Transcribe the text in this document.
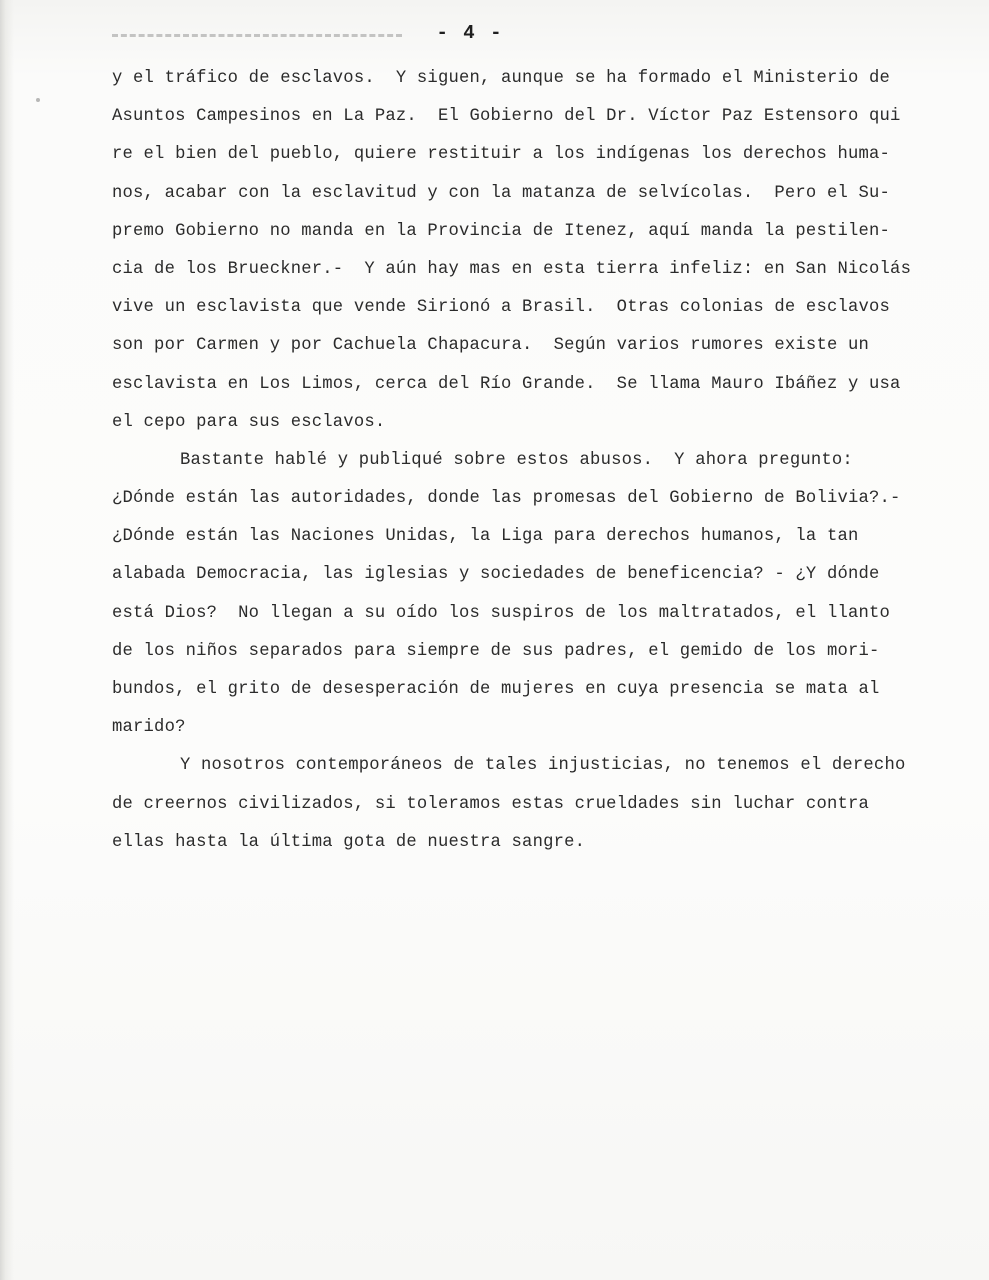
- 4 -
y el tráfico de esclavos.  Y siguen, aunque se ha formado el Ministerio de
Asuntos Campesinos en La Paz.  El Gobierno del Dr. Víctor Paz Estensoro qui
re el bien del pueblo, quiere restituir a los indígenas los derechos huma-
nos, acabar con la esclavitud y con la matanza de selvícolas.  Pero el Su-
premo Gobierno no manda en la Provincia de Itenez, aquí manda la pestilen-
cia de los Brueckner.-  Y aún hay mas en esta tierra infeliz: en San Nicolás
vive un esclavista que vende Sirionó a Brasil.  Otras colonias de esclavos
son por Carmen y por Cachuela Chapacura.  Según varios rumores existe un
esclavista en Los Limos, cerca del Río Grande.  Se llama Mauro Ibáñez y usa
el cepo para sus esclavos.
Bastante hablé y publiqué sobre estos abusos.  Y ahora pregunto:
¿Dónde están las autoridades, donde las promesas del Gobierno de Bolivia?.-
¿Dónde están las Naciones Unidas, la Liga para derechos humanos, la tan
alabada Democracia, las iglesias y sociedades de beneficencia? - ¿Y dónde
está Dios?  No llegan a su oído los suspiros de los maltratados, el llanto
de los niños separados para siempre de sus padres, el gemido de los mori-
bundos, el grito de desesperación de mujeres en cuya presencia se mata al
marido?
Y nosotros contemporáneos de tales injusticias, no tenemos el derecho
de creernos civilizados, si toleramos estas crueldades sin luchar contra
ellas hasta la última gota de nuestra sangre.
